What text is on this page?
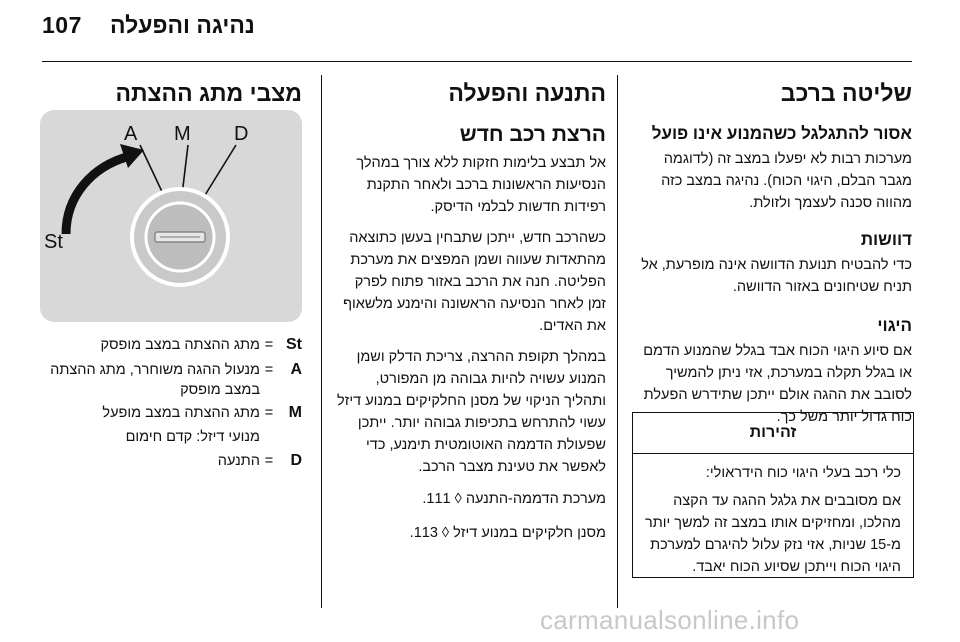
107 נהיגה והפעלה
שליטה ברכב
אסור להתגלגל כשהמנוע אינו פועל

מערכות רבות לא יפעלו במצב זה (לדוגמה מגבר הבלם, היגוי הכוח). נהיגה במצב כזה מהווה סכנה לעצמך ולזולת.

דוושות

כדי להבטיח תנועת הדוושה אינה מופרעת, אל תניח שטיחונים באזור הדוושה.

היגוי

אם סיוע היגוי הכוח אבד בגלל שהמנוע הדמם או בגלל תקלה במערכת, אזי ניתן להמשיך לסובב את ההגה אולם ייתכן שתידרש הפעלת כוח גדול יותר משל כך.

זהירות

כלי רכב בעלי היגוי כוח הידראולי:

אם מסובבים את גלגל ההגה עד הקצה מהלכו, ומחזיקים אותו במצב זה למשך יותר מ-15 שניות, אזי נזק עלול להיגרם למערכת היגוי הכוח וייתכן שסיוע הכוח יאבד.

התנעה והפעלה
הרצת רכב חדש

אל תבצע בלימות חזקות ללא צורך במהלך הנסיעות הראשונות ברכב ולאחר התקנת רפידות חדשות לבלמי הדיסק.

כשהרכב חדש, ייתכן שתבחין בעשן כתוצאה מהתאדות שעווה ושמן המפצים את מערכת הפליטה. חנה את הרכב באזור פתוח לפרק זמן לאחר הנסיעה הראשונה והימנע מלשאוף את האדים.

במהלך תקופת ההרצה, צריכת הדלק ושמן המנוע עשויה להיות גבוהה מן המפורט, ותהליך הניקוי של מסנן החלקיקים במנוע דיזל עשוי להתרחש בתכיפות גבוהה יותר. ייתכן שפעולת הדממה האוטומטית תימנע, כדי לאפשר את טעינת מצבר הרכב.

מערכת הדממה-התנעה ◊ 111.

מסנן חלקיקים במנוע דיזל ◊ 113.

מצבי מתג ההצתה
A M D
St
St=מתג ההצתה במצב מופסק
A=מנעול ההגה משוחרר, מתג ההצתה במצב מופסק
M=מתג ההצתה במצב מופעל
מנועי דיזל: קדם חימום
D=התנעה
carmanualsonline.info
